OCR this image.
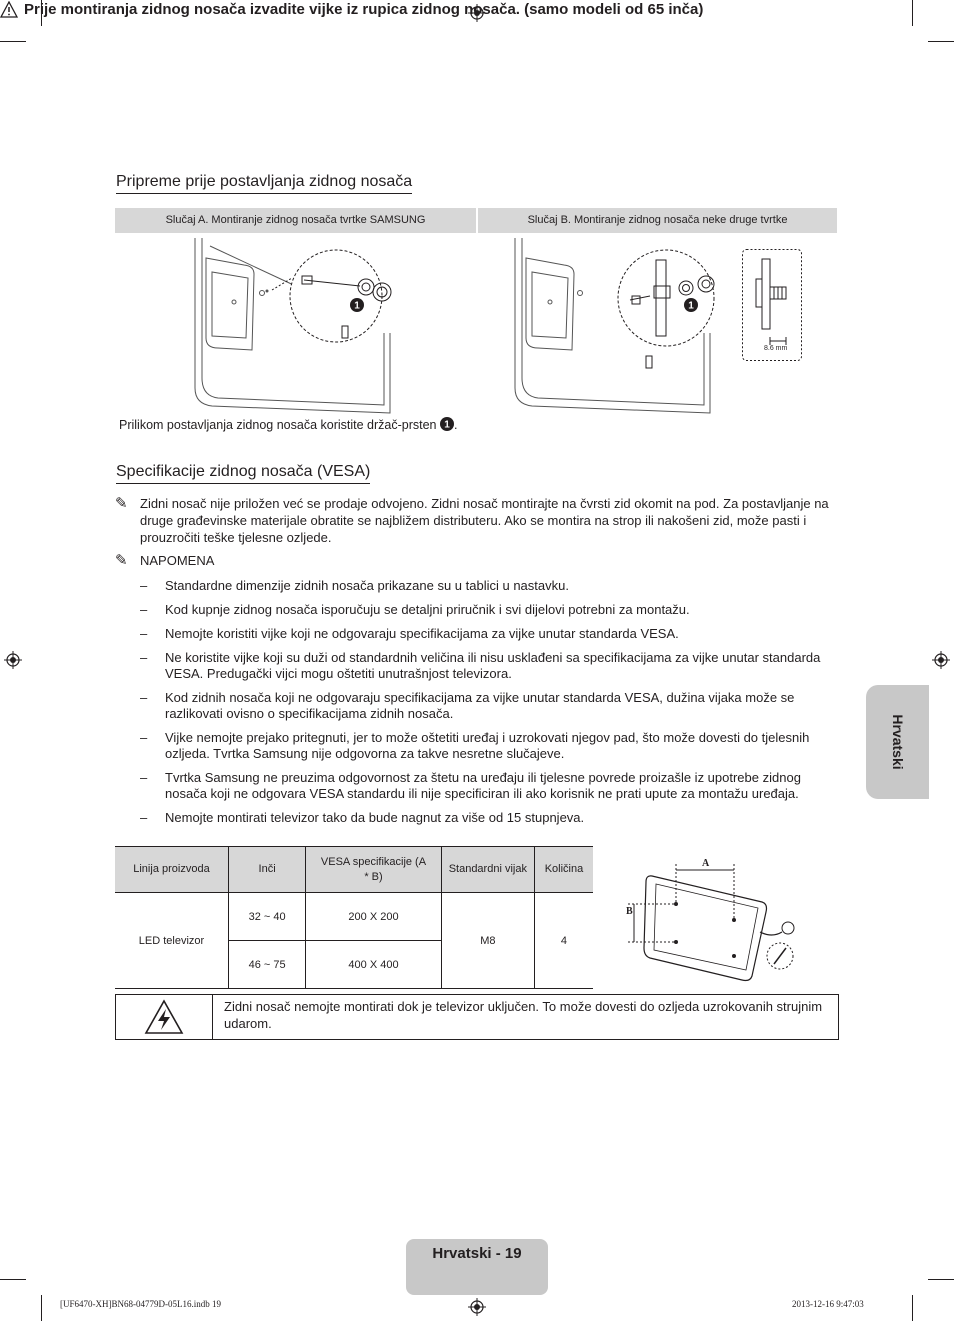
Prije montiranja zidnog nosača izvadite vijke iz rupica zidnog nosača. (samo modeli od 65 inča)
Pripreme prije postavljanja zidnog nosača
Slučaj A. Montiranje zidnog nosača tvrtke SAMSUNG	Slučaj B. Montiranje zidnog nosača neke druge tvrtke
1	1
8.6 mm
Prilikom postavljanja zidnog nosača koristite držač-prsten 1 .
Specifikacije zidnog nosača (VESA)
✎ Zidni nosač nije priložen već se prodaje odvojeno. Zidni nosač montirajte na čvrsti zid okomit na pod. Za postavljanje na druge građevinske materijale obratite se najbližem distributeru. Ako se montira na strop ili nakošeni zid, može pasti i prouzročiti teške tjelesne ozljede.
✎ NAPOMENA
– Standardne dimenzije zidnih nosača prikazane su u tablici u nastavku.
– Kod kupnje zidnog nosača isporučuju se detaljni priručnik i svi dijelovi potrebni za montažu.
– Nemojte koristiti vijke koji ne odgovaraju specifikacijama za vijke unutar standarda VESA.
– Ne koristite vijke koji su duži od standardnih veličina ili nisu usklađeni sa specifikacijama za vijke unutar standarda VESA. Predugački vijci mogu oštetiti unutrašnjost televizora.
– Kod zidnih nosača koji ne odgovaraju specifikacijama za vijke unutar standarda VESA, dužina vijaka može se razlikovati ovisno o specifikacijama zidnih nosača.
– Vijke nemojte prejako pritegnuti, jer to može oštetiti uređaj i uzrokovati njegov pad, što može dovesti do tjelesnih ozljeda. Tvrtka Samsung nije odgovorna za takve nesretne slučajeve.
– Tvrtka Samsung ne preuzima odgovornost za štetu na uređaju ili tjelesne povrede proizašle iz upotrebe zidnog nosača koji ne odgovara VESA standardu ili nije specificiran ili ako korisnik ne prati upute za montažu uređaja.
– Nemojte montirati televizor tako da bude nagnut za više od 15 stupnjeva.
Linija proizvoda	Inči	VESA specifikacije (A * B)	Standardni vijak	Količina
LED televizor	32 ~ 40	200 X 200	M8	4
	46 ~ 75	400 X 400		
A
B
Zidni nosač nemojte montirati dok je televizor uključen. To može dovesti do ozljeda uzrokovanih strujnim udarom.
Hrvatski
Hrvatski - 19
[UF6470-XH]BN68-04779D-05L16.indb 19	2013-12-16 9:47:03
